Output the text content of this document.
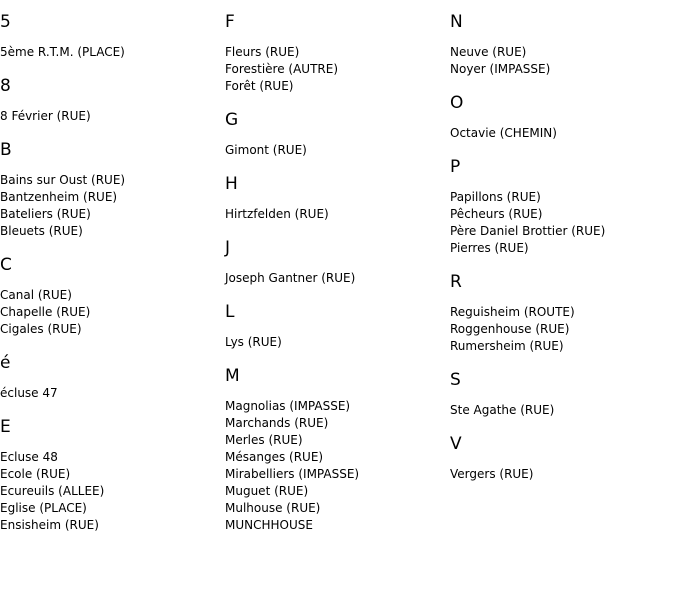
5
5ème R.T.M. (PLACE)
8
8 Février (RUE)
B
Bains sur Oust (RUE)
Bantzenheim (RUE)
Bateliers (RUE)
Bleuets (RUE)
C
Canal (RUE)
Chapelle (RUE)
Cigales (RUE)
é
écluse 47
E
Ecluse 48
Ecole (RUE)
Ecureuils (ALLEE)
Eglise (PLACE)
Ensisheim (RUE)
F
Fleurs (RUE)
Forestière (AUTRE)
Forêt (RUE)
G
Gimont (RUE)
H
Hirtzfelden (RUE)
J
Joseph Gantner (RUE)
L
Lys (RUE)
M
Magnolias (IMPASSE)
Marchands (RUE)
Merles (RUE)
Mésanges (RUE)
Mirabelliers (IMPASSE)
Muguet (RUE)
Mulhouse (RUE)
MUNCHHOUSE
N
Neuve (RUE)
Noyer (IMPASSE)
O
Octavie (CHEMIN)
P
Papillons (RUE)
Pêcheurs (RUE)
Père Daniel Brottier (RUE)
Pierres (RUE)
R
Reguisheim (ROUTE)
Roggenhouse (RUE)
Rumersheim (RUE)
S
Ste Agathe (RUE)
V
Vergers (RUE)
